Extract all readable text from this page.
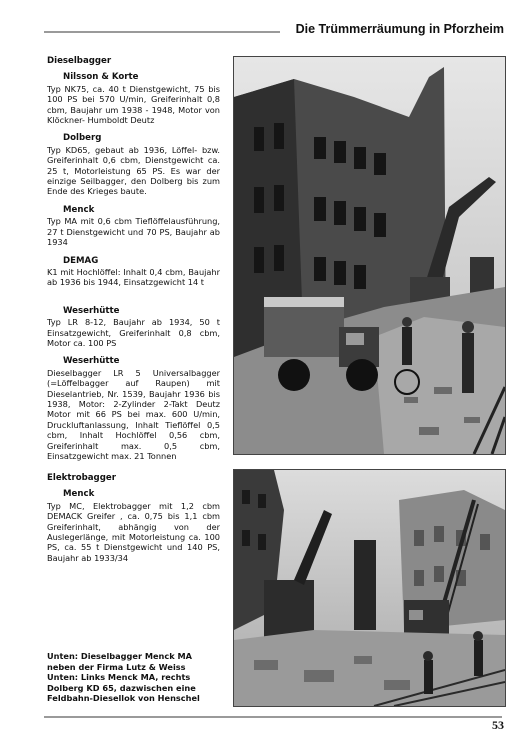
Die Trümmerräumung in Pforzheim
Dieselbagger
Nilsson & Korte
Typ NK75, ca. 40 t Dienstgewicht, 75 bis 100 PS bei 570 U/min, Greiferinhalt 0,8 cbm, Baujahr um 1938 - 1948, Motor von Klöckner- Humboldt Deutz
Dolberg
Typ KD65, gebaut ab 1936, Löffel- bzw. Greiferinhalt 0,6 cbm, Dienstgewicht ca. 25 t, Motorleistung 65 PS. Es war der einzige Seilbagger, den Dolberg bis zum Ende des Krieges baute.
Menck
Typ MA mit 0,6 cbm Tieflöffelausführung, 27 t Dienstgewicht und 70 PS, Baujahr ab 1934
DEMAG
K1 mit Hochlöffel: Inhalt 0,4 cbm, Baujahr ab 1936 bis 1944, Einsatzgewicht 14 t
Weserhütte
Typ LR 8-12, Baujahr ab 1934, 50 t Einsatzgewicht, Greiferinhalt 0,8 cbm, Motor ca. 100 PS
Weserhütte
Dieselbagger LR 5 Universalbagger (=Löffelbagger auf Raupen) mit Dieselantrieb, Nr. 1539, Baujahr 1936 bis 1938, Motor: 2-Zylinder 2-Takt Deutz Motor mit 66 PS bei max. 600 U/min, Druckluftanlassung, Inhalt Tieflöffel 0,5 cbm, Inhalt Hochlöffel 0,56 cbm, Greiferinhalt max. 0,5 cbm, Einsatzgewicht max. 21 Tonnen
Elektrobagger
Menck
Typ MC, Elektrobagger mit 1,2 cbm DEMACK Greifer , ca. 0,75 bis 1,1 cbm Greiferinhalt, abhängig von der Auslegerlänge, mit Motorleistung ca. 100 PS, ca. 55 t Dienstgewicht und 140 PS, Baujahr ab 1933/34
Unten: Dieselbagger Menck MA
neben der Firma Lutz & Weiss
Unten: Links Menck MA, rechts Dolberg KD 65, dazwischen eine Feldbahn-Diesellok von Henschel
53
